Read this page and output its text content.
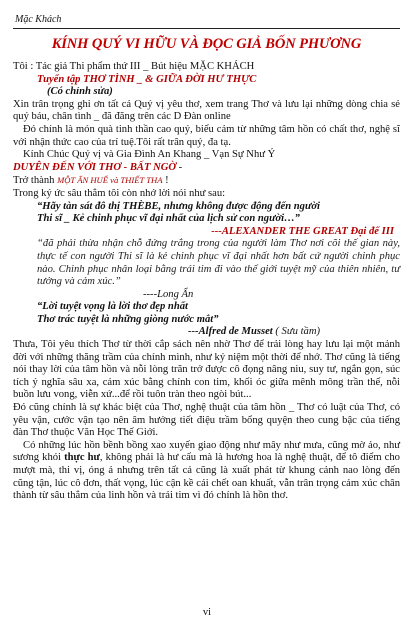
Mặc Khách
KÍNH QUÝ VI HỮU VÀ ĐỌC GIẢ BỐN PHƯƠNG

Tôi : Tác giả Thi phẩm thứ III _ Bút hiệu MẶC KHÁCH

Tuyển tập THƠ TÌNH _ & GIỮA ĐỜI HƯ THỰC

(Có chỉnh sửa)

Xin trân trọng ghi ơn tất cả Quý vị yêu thơ, xem trang Thơ và lưu lại những dòng chia sẻ quý báu, chân tình _ đã đăng trên các D Đàn online

Đó chính là món quà tinh thần cao quý, biểu cảm từ những tâm hồn có chất thơ, nghệ sĩ với nhận thức cao của trí tuệ.Tôi rất trân quý, đa tạ.

Kính Chúc Quý vị và Gia Đình An Khang _ Vạn Sự Như Ý

DUYÊN ĐẾN VỚI THƠ - BẤT NGỜ -

Trở thành MỘT ẨN HUẾ và THIẾT THA !

Trong ký ức sâu thẳm tôi còn nhớ lời nói như sau:

“Hãy tàn sát đô thị THÈBE, nhưng không được động đến người

Thi sĩ _ Kẻ chinh phục vĩ đại nhất của lịch sử con người…”

---ALEXANDER THE GREAT Đại đế III

“đã phải thừa nhận chỗ đứng trắng trong của người làm Thơ nơi cõi thế gian này, thực tế con người Thi sĩ là kẻ chinh phục vĩ đại nhất hơn bất cứ người chinh phục nào. Chinh phục nhân loại bằng trái tim đi vào thế giới tuyệt mỹ của thiên nhiên, tư tưởng và cảm xúc.”

----Long Ẩn

“Lời tuyệt vọng là lời thơ đẹp nhất

Thơ trác tuyệt là những giòng nước mắt”

---Alfred de Musset ( Sưu tầm)

Thưa, Tôi yêu thích Thơ từ thời cắp sách nên nhờ Thơ để trải lòng hay lưu lại một mảnh đời với những thăng trầm của chính mình, như ký niệm một thời để nhớ. Thơ cũng là tiếng nói thay lời của tâm hồn và nỗi lòng trăn trở được cô đọng nâng niu, suy tư, ngắn gọn, súc tích ý nghĩa sâu xa, cảm xúc bằng chính con tim, khối óc giữa mênh mông trần thế, nỗi buồn lưu vong, viễn xứ...để rồi tuôn tràn theo ngòi bút...

Đó cũng chính là sự khác biệt của Thơ, nghệ thuật của tâm hồn _ Thơ có luật của Thơ, có yêu vận, cước vận tạo nên âm hưởng tiết điệu trầm bổng quyện theo cung bậc của tiếng đàn Thơ thuộc Văn Học Thế Giới.

Có những lúc hồn bềnh bồng xao xuyến giao động như mây như mưa, cũng mờ ảo, như sương khói thực hư, không phải là hư cấu mà là hương hoa là nghệ thuật, để tô điểm cho mượt mà, thi vị, óng ả nhưng trên tất cả cũng là xuất phát từ khung cảnh nao lòng đến cũng tận, lúc cô đơn, thất vọng, lúc cận kề cái chết oan khuất, vẫn trân trọng cảm xúc chân thành từ sâu thẳm của linh hồn và trái tim vì đó chính là hồn thơ.

vi
